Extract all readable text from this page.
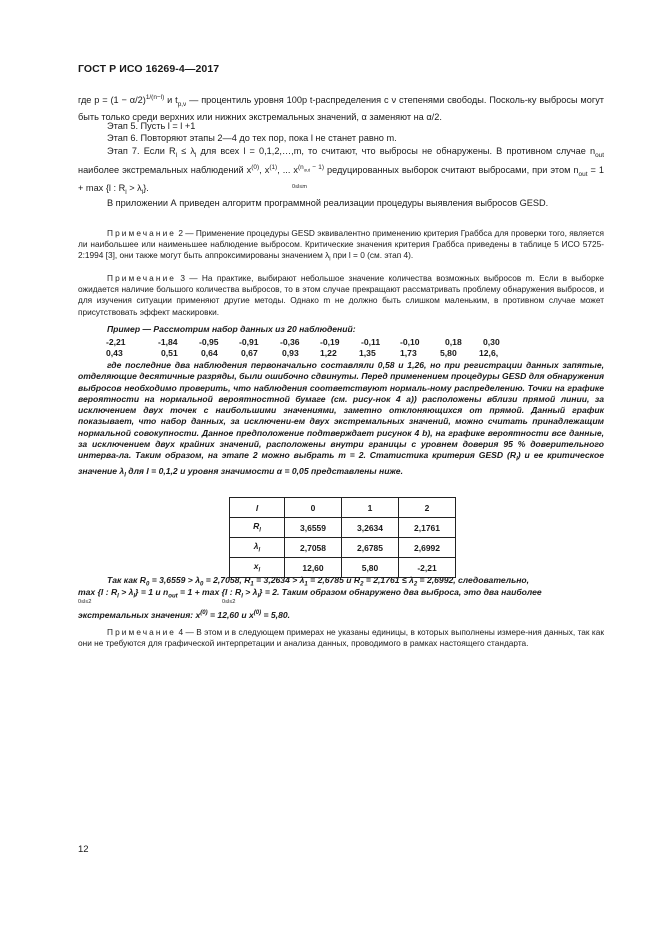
ГОСТ Р ИСО 16269-4—2017
где $p = (1 - \alpha/2)^{1/(n-l)}$ и $t_{p,\nu}$ — процентиль уровня 100p t-распределения с ν степенями свободы. Посколь-ку выбросы могут быть только среди верхних или нижних экстремальных значений, α заменяют на α/2.
Этап 5. Пусть l = l +1
Этап 6. Повторяют этапы 2—4 до тех пор, пока l не станет равно m.
Этап 7. Если $R_l \le \lambda_l$ для всех l = 0,1,2,…,m, то считают, что выбросы не обнаружены. В противном случае $n_{out}$ наиболее экстремальных наблюдений $x^{(0)}$, $x^{(1)}$, ... $x^{(n_{out} - 1)}$ редуцированных выборок считают выбросами, при этом $n_{out} = 1 + \max \{l$ : $R_l > \lambda_l$}.	0≤l≤m
В приложении А приведен алгоритм программной реализации процедуры выявления выбросов GESD.
Примечание 2 — Применение процедуры GESD эквивалентно применению критерия Граббса для проверки того, является ли наибольшее или наименьшее наблюдение выбросом. Критические значения критерия Граббса приведены в таблице 5 ИСО 5725-2:1994 [3], они также могут быть аппроксимированы значением $\lambda_l$ при l = 0 (см. этап 4).
Примечание 3 — На практике, выбирают небольшое значение количества возможных выбросов m. Если в выборке ожидается наличие большого количества выбросов, то в этом случае прекращают рассматривать проблему обнаружения выбросов, и для изучения ситуации применяют другие методы. Однако m не должно быть слишком маленьким, в противном случае может присутствовать эффект маскировки.
Пример — Рассмотрим набор данных из 20 наблюдений:
-2,21	-1,84 -0,95 -0,91 -0,36 -0,19 -0,11 -0,10	0,18 0,30
0,43	0,51	0,64	0,67	0,93 1,22	1,35	1,73	5,80	12,6,
где последние два наблюдения первоначально составляли 0,58 и 1,26, но при регистрации данных запятые, отделяющие десятичные разряды, были ошибочно сдвинуты. Перед применением процедуры GESD для обнаружения выбросов необходимо проверить, что наблюдения соответствуют нормаль-ному распределению. Точки на графике вероятности на нормальной вероятностной бумаге (см. рису-нок 4 а)) расположены вблизи прямой линии, за исключением двух точек с наибольшими значениями, заметно отклоняющихся от прямой. Данный график показывает, что набор данных, за исключени-ем двух экстремальных значений, можно считать принадлежащим нормальной совокупности. Данное предположение подтверждает рисунок 4 b), на графике вероятности все данные, за исключением двух крайних значений, расположены внутри границы с уровнем доверия 95 % доверительного интерва-ла. Таким образом, на этапе 2 можно выбрать m = 2. Статистика критерия GESD $(R_l)$ и ее критическое значение $\lambda_l$ для l = 0,1,2 и уровня значимости α = 0,05 представлены ниже.
l	0	1	2
$R_l$	3,6559	3,2634	2,1761
$\lambda_l$	2,7058	2,6785	2,6992
$x_l$	12,60	5,80	-2,21
Так как $R_0 = 3,6559 > \lambda_0 = 2,7058$, $R_1 = 3,2634 > \lambda_1 = 2,6785$ и $R_2 = 2,1761 \le \lambda_2 = 2,6992$, следовательно,
max {l : $R_l > \lambda_l\} = 1$ и $n_{out} = 1 + \max \{l$ : $R_l > \lambda_l\} = 2$. Таким образом обнаружено два выброса, это два наиболее
0≤l≤2	0≤l≤2
экстремальных значения: $x^{(0)} = 12,60$ и $x^{(0)} = 5,80$.
Примечание 4 — В этом и в следующем примерах не указаны единицы, в которых выполнены измере-ния данных, так как они не требуются для графической интерпретации и анализа данных, проводимого в рамках настоящего стандарта.
12
